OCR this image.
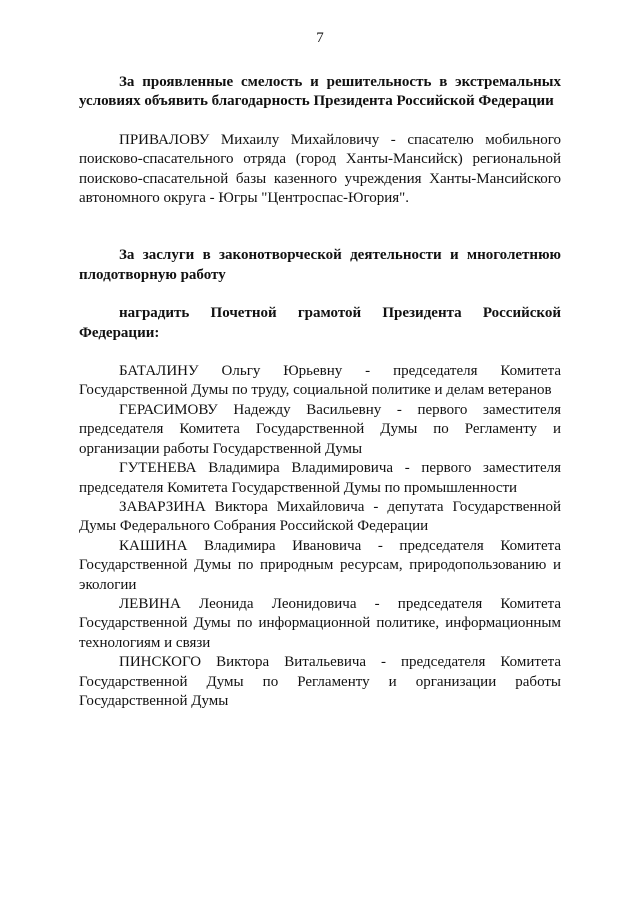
7

За проявленные смелость и решительность в экстремальных условиях объявить благодарность Президента Российской Федерации

ПРИВАЛОВУ Михаилу Михайловичу - спасателю мобильного поисково-спасательного отряда (город Ханты-Мансийск) региональной поисково-спасательной базы казенного учреждения Ханты-Мансийского автономного округа - Югры "Центроспас-Югория".

За заслуги в законотворческой деятельности и многолетнюю плодотворную работу

наградить Почетной грамотой Президента Российской Федерации:

БАТАЛИНУ Ольгу Юрьевну - председателя Комитета Государственной Думы по труду, социальной политике и делам ветеранов

ГЕРАСИМОВУ Надежду Васильевну - первого заместителя председателя Комитета Государственной Думы по Регламенту и организации работы Государственной Думы

ГУТЕНЕВА Владимира Владимировича - первого заместителя председателя Комитета Государственной Думы по промышленности

ЗАВАРЗИНА Виктора Михайловича - депутата Государственной Думы Федерального Собрания Российской Федерации

КАШИНА Владимира Ивановича - председателя Комитета Государственной Думы по природным ресурсам, природопользованию и экологии

ЛЕВИНА Леонида Леонидовича - председателя Комитета Государственной Думы по информационной политике, информационным технологиям и связи

ПИНСКОГО Виктора Витальевича - председателя Комитета Государственной Думы по Регламенту и организации работы Государственной Думы
